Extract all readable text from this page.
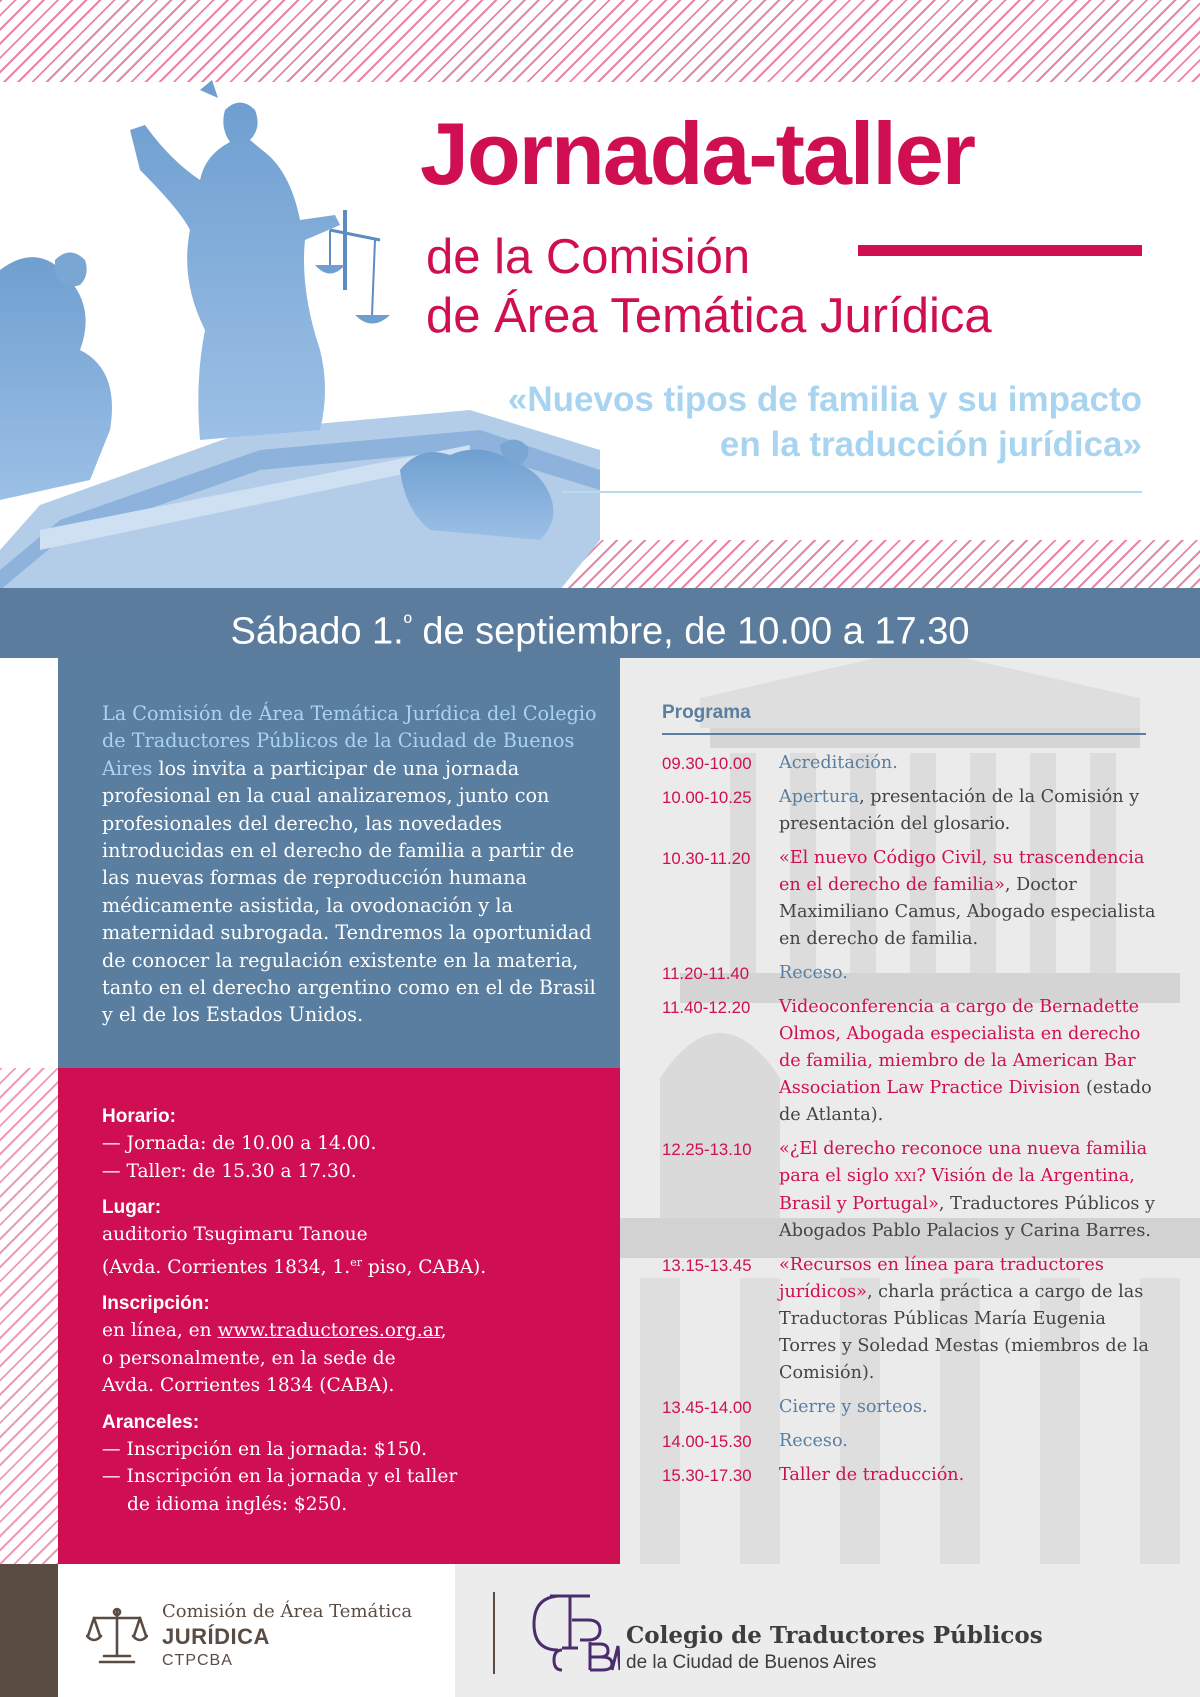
Jornada-taller
de la Comisión
de Área Temática Jurídica
«Nuevos tipos de familia y su impacto
en la traducción jurídica»
Sábado 1.$^º$ de septiembre, de 10.00 a 17.30

La Comisión de Área Temática Jurídica del Colegio de Traductores Públicos de la Ciudad de Buenos Aires los invita a participar de una jornada profesional en la cual analizaremos, junto con profesionales del derecho, las novedades introducidas en el derecho de familia a partir de las nuevas formas de reproducción humana médicamente asistida, la ovodonación y la maternidad subrogada. Tendremos la oportunidad de conocer la regulación existente en la materia, tanto en el derecho argentino como en el de Brasil y el de los Estados Unidos.

Horario:
— Jornada: de 10.00 a 14.00.
— Taller: de 15.30 a 17.30.
Lugar:
auditorio Tsugimaru Tanoue
(Avda. Corrientes 1834, 1.$^{er}$ piso, CABA).
Inscripción:
en línea, en www.traductores.org.ar,
o personalmente, en la sede de
Avda. Corrientes 1834 (CABA).
Aranceles:
— Inscripción en la jornada: $150.
— Inscripción en la jornada y el taller
de idioma inglés: $250.
Programa
09.30-10.00	Acreditación.
10.00-10.25	Apertura, presentación de la Comisión y presentación del glosario.
10.30-11.20	«El nuevo Código Civil, su trascendencia en el derecho de familia», Doctor Maximiliano Camus, Abogado especialista en derecho de familia.
11.20-11.40	Receso.
11.40-12.20	Videoconferencia a cargo de Bernadette Olmos, Abogada especialista en derecho de familia, miembro de la American Bar Association Law Practice Division (estado de Atlanta).
12.25-13.10	«¿El derecho reconoce una nueva familia para el siglo XXI? Visión de la Argentina, Brasil y Portugal», Traductores Públicos y Abogados Pablo Palacios y Carina Barres.
13.15-13.45	«Recursos en línea para traductores jurídicos», charla práctica a cargo de las Traductoras Públicas María Eugenia Torres y Soledad Mestas (miembros de la Comisión).
13.45-14.00	Cierre y sorteos.
14.00-15.30	Receso.
15.30-17.30	Taller de traducción.
Comisión de Área Temática
JURÍDICA
CTPCBA
Colegio de Traductores Públicos
de la Ciudad de Buenos Aires
